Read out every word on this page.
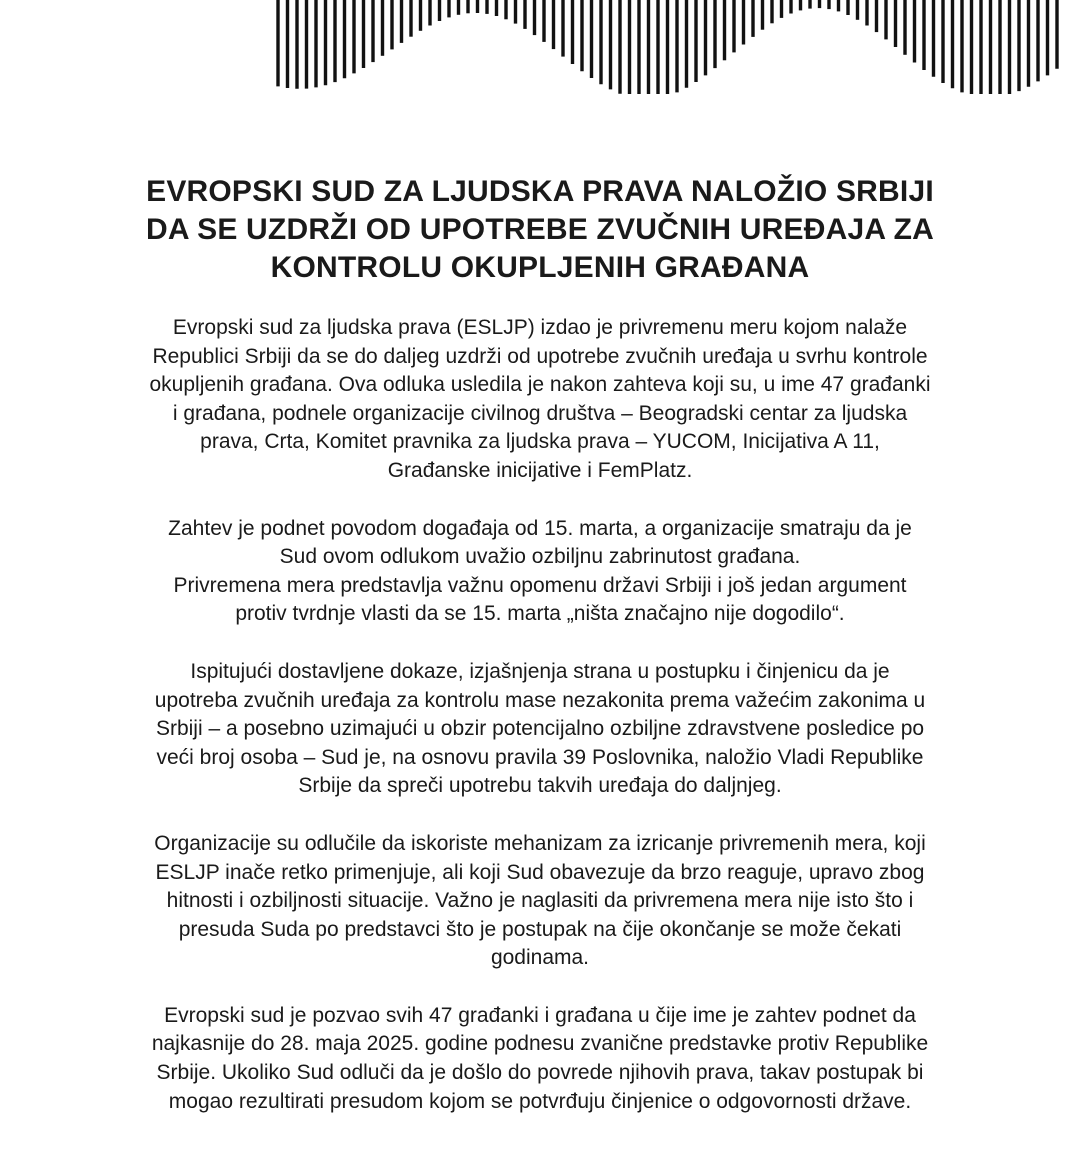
EVROPSKI SUD ZA LJUDSKA PRAVA NALOŽIO SRBIJI
DA SE UZDRŽI OD UPOTREBE ZVUČNIH UREĐAJA ZA
KONTROLU OKUPLJENIH GRAĐANA

Evropski sud za ljudska prava (ESLJP) izdao je privremenu meru kojom nalaže
Republici Srbiji da se do daljeg uzdrži od upotrebe zvučnih uređaja u svrhu kontrole
okupljenih građana. Ova odluka usledila je nakon zahteva koji su, u ime 47 građanki
i građana, podnele organizacije civilnog društva – Beogradski centar za ljudska
prava, Crta, Komitet pravnika za ljudska prava – YUCOM, Inicijativa A 11,
Građanske inicijative i FemPlatz.

Zahtev je podnet povodom događaja od 15. marta, a organizacije smatraju da je
Sud ovom odlukom uvažio ozbiljnu zabrinutost građana.
Privremena mera predstavlja važnu opomenu državi Srbiji i još jedan argument
protiv tvrdnje vlasti da se 15. marta „ništa značajno nije dogodilo“.

Ispitujući dostavljene dokaze, izjašnjenja strana u postupku i činjenicu da je
upotreba zvučnih uređaja za kontrolu mase nezakonita prema važećim zakonima u
Srbiji – a posebno uzimajući u obzir potencijalno ozbiljne zdravstvene posledice po
veći broj osoba – Sud je, na osnovu pravila 39 Poslovnika, naložio Vladi Republike
Srbije da spreči upotrebu takvih uređaja do daljnjeg.

Organizacije su odlučile da iskoriste mehanizam za izricanje privremenih mera, koji
ESLJP inače retko primenjuje, ali koji Sud obavezuje da brzo reaguje, upravo zbog
hitnosti i ozbiljnosti situacije. Važno je naglasiti da privremena mera nije isto što i
presuda Suda po predstavci što je postupak na čije okončanje se može čekati
godinama.

Evropski sud je pozvao svih 47 građanki i građana u čije ime je zahtev podnet da
najkasnije do 28. maja 2025. godine podnesu zvanične predstavke protiv Republike
Srbije. Ukoliko Sud odluči da je došlo do povrede njihovih prava, takav postupak bi
mogao rezultirati presudom kojom se potvrđuju činjenice o odgovornosti države.
